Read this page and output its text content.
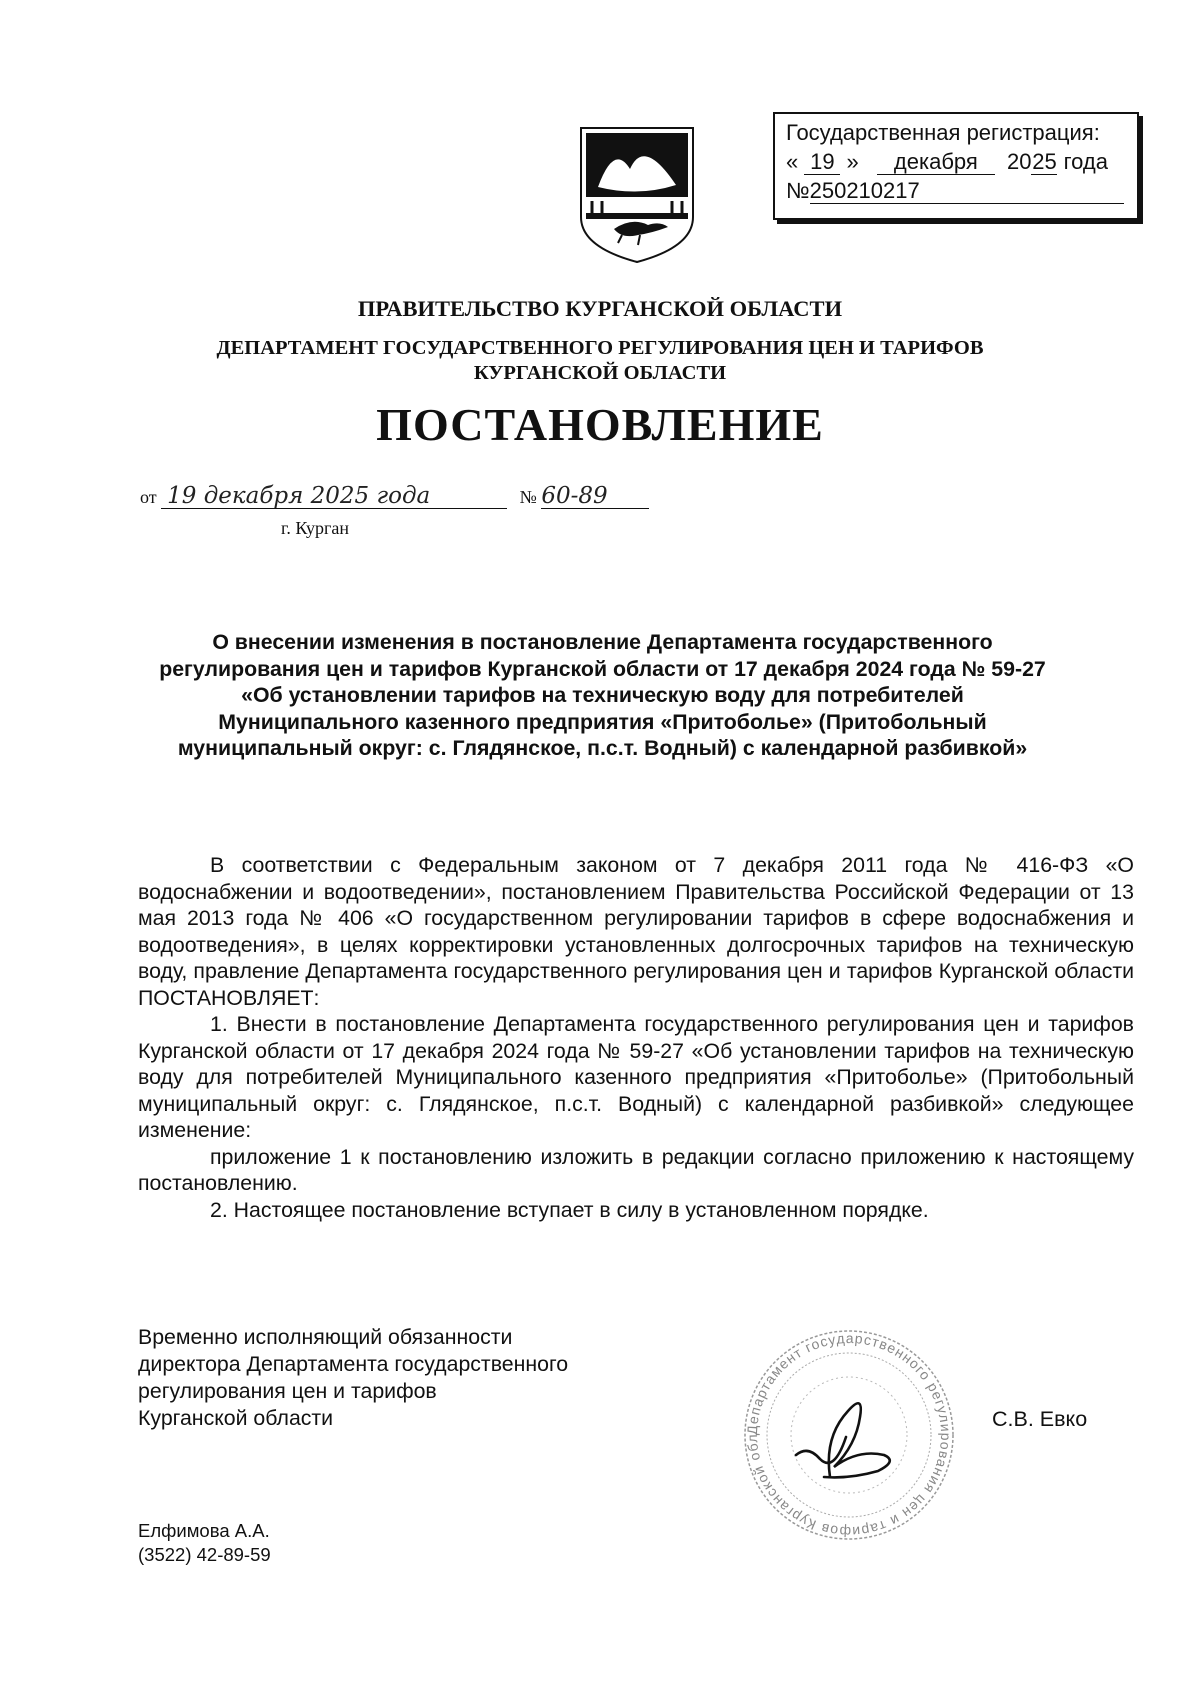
Государственная регистрация:
« 19 » декабря 2025 года
№250210217
ПРАВИТЕЛЬСТВО КУРГАНСКОЙ ОБЛАСТИ
ДЕПАРТАМЕНТ ГОСУДАРСТВЕННОГО РЕГУЛИРОВАНИЯ ЦЕН И ТАРИФОВ
КУРГАНСКОЙ ОБЛАСТИ
ПОСТАНОВЛЕНИЕ
от 19 декабря 2025 года	№ 60-89
г. Курган
О внесении изменения в постановление Департамента государственного регулирования цен и тарифов Курганской области от 17 декабря 2024 года № 59-27 «Об установлении тарифов на техническую воду для потребителей Муниципального казенного предприятия «Притоболье» (Притобольный муниципальный округ: с. Глядянское, п.с.т. Водный) с календарной разбивкой»

В соответствии с Федеральным законом от 7 декабря 2011 года № 416-ФЗ «О водоснабжении и водоотведении», постановлением Правительства Российской Федерации от 13 мая 2013 года № 406 «О государственном регулировании тарифов в сфере водоснабжения и водоотведения», в целях корректировки установленных долгосрочных тарифов на техническую воду, правление Департамента государственного регулирования цен и тарифов Курганской области ПОСТАНОВЛЯЕТ:

1. Внести в постановление Департамента государственного регулирования цен и тарифов Курганской области от 17 декабря 2024 года № 59-27 «Об установлении тарифов на техническую воду для потребителей Муниципального казенного предприятия «Притоболье» (Притобольный муниципальный округ: с. Глядянское, п.с.т. Водный) с календарной разбивкой» следующее изменение:

приложение 1 к постановлению изложить в редакции согласно приложению к настоящему постановлению.

2. Настоящее постановление вступает в силу в установленном порядке.

Временно исполняющий обязанности
директора Департамента государственного
регулирования цен и тарифов
Курганской области	Департамент государственного регулирования цен и тарифов Курганской обл
С.В. Евко
Елфимова А.А.
(3522) 42-89-59
